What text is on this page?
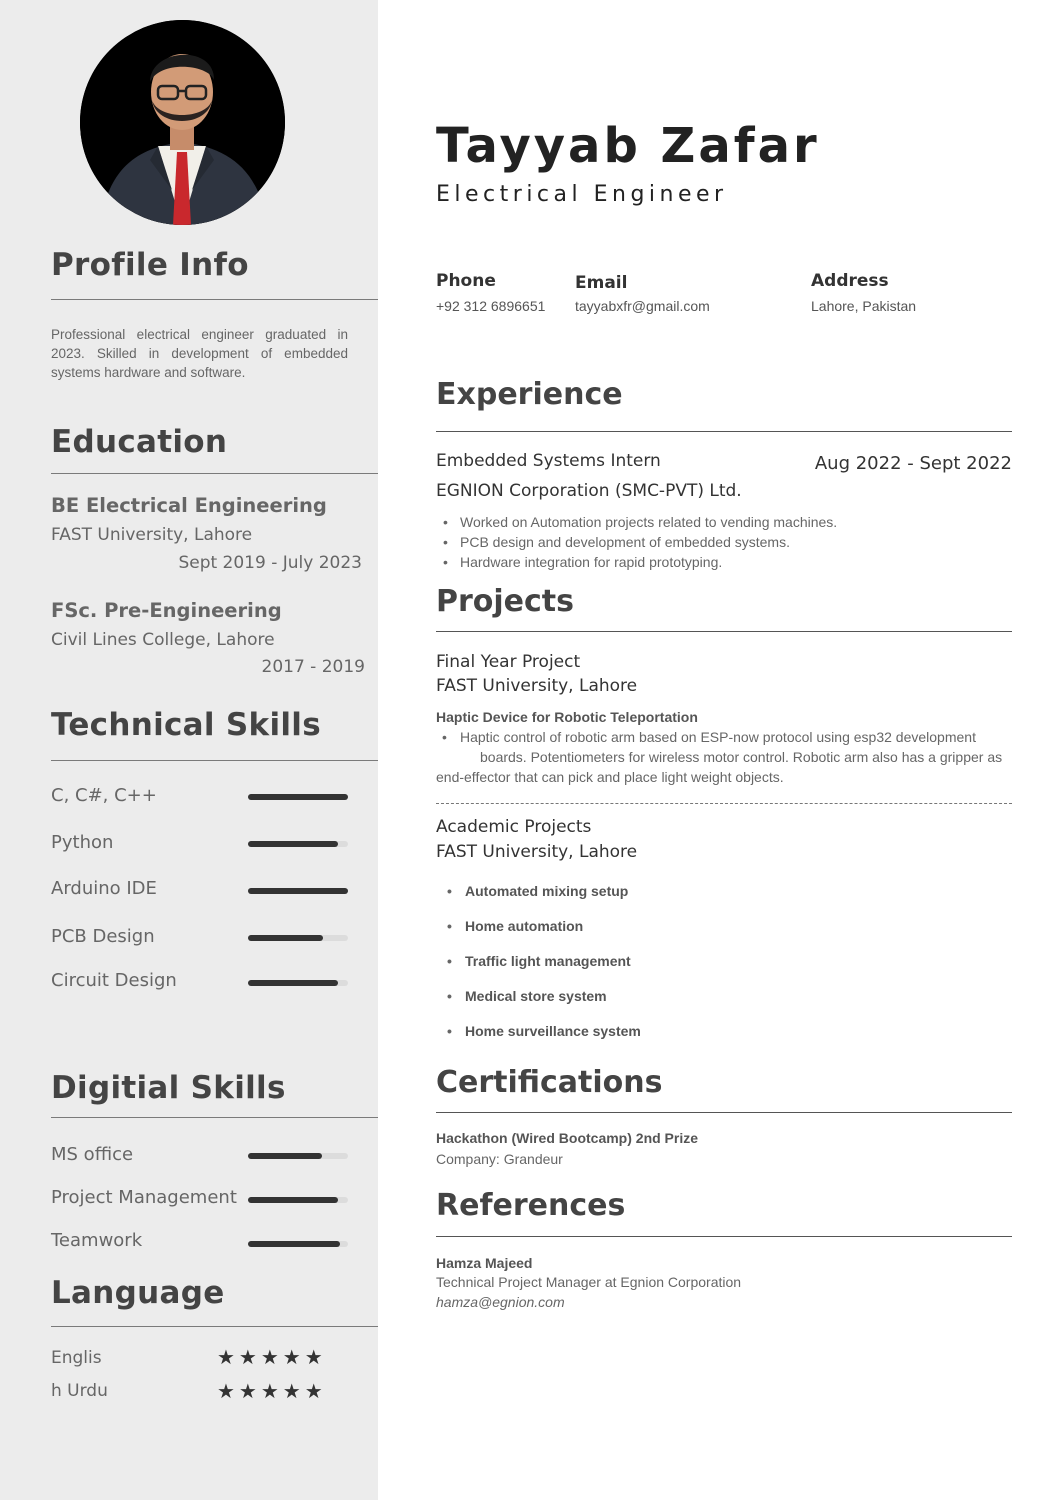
Profile Info
Professional electrical engineer graduated in 2023. Skilled in development of embedded systems hardware and software.
Education
BE Electrical Engineering
FAST University, Lahore
Sept 2019 - July 2023
FSc. Pre-Engineering
Civil Lines College, Lahore
2017 - 2019
Technical Skills
C, C#, C++
Python
Arduino IDE
PCB Design
Circuit Design
Digitial Skills
MS office
Project Management
Teamwork
Language
Englis	★★★★★
h Urdu	★★★★★
Tayyab Zafar
Electrical Engineer
Phone
+92 312 6896651
Email
tayyabxfr@gmail.com
Address
Lahore, Pakistan
Experience
Embedded Systems Intern	Aug 2022 - Sept 2022
EGNION Corporation (SMC-PVT) Ltd.
• Worked on Automation projects related to vending machines.
• PCB design and development of embedded systems.
• Hardware integration for rapid prototyping.
Projects
Final Year Project
FAST University, Lahore
Haptic Device for Robotic Teleportation
• Haptic control of robotic arm based on ESP-now protocol using esp32 development
boards. Potentiometers for wireless motor control. Robotic arm also has a gripper as
end-effector that can pick and place light weight objects.
Academic Projects
FAST University, Lahore
• Automated mixing setup
• Home automation
• Traffic light management
• Medical store system
• Home surveillance system
Certifications
Hackathon (Wired Bootcamp) 2nd Prize
Company: Grandeur
References
Hamza Majeed
Technical Project Manager at Egnion Corporation
hamza@egnion.com
